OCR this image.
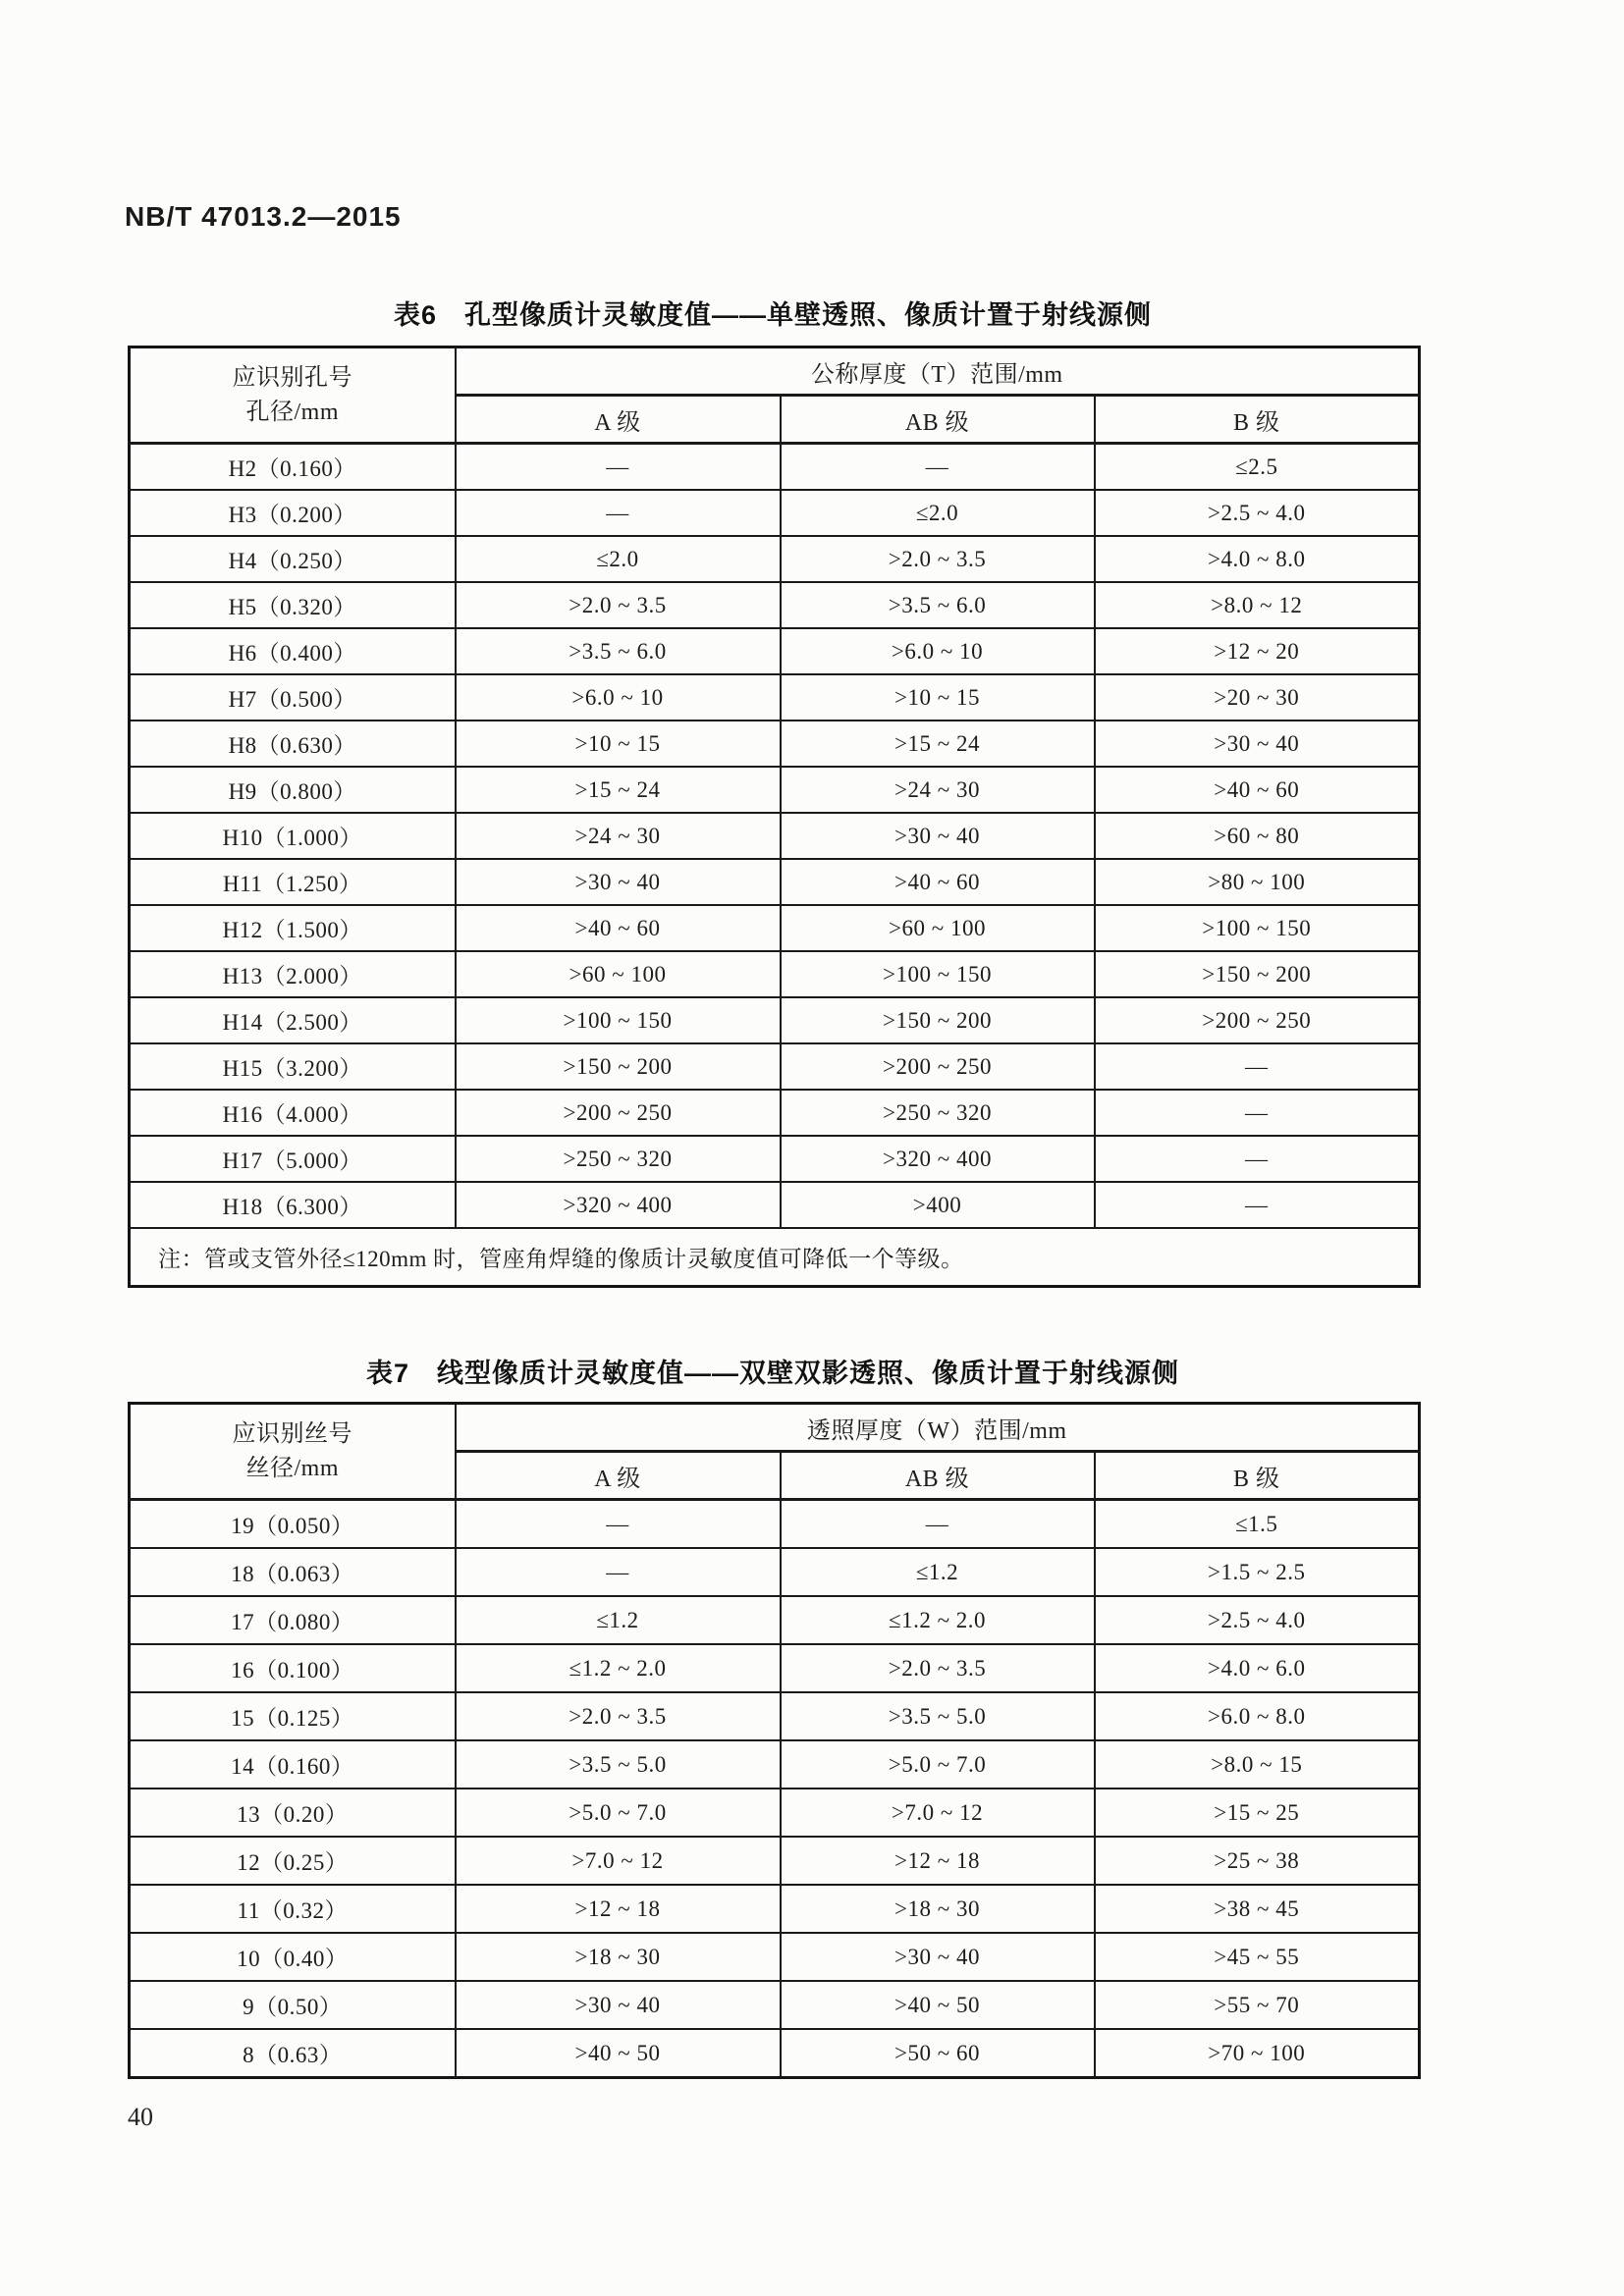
NB/T 47013.2—2015
表6　孔型像质计灵敏度值——单壁透照、像质计置于射线源侧
应识别孔号
孔径/mm	公称厚度（T）范围/mm		
	A 级	AB 级	B 级
H2（0.160）	—	—	≤2.5
H3（0.200）	—	≤2.0	>2.5 ~ 4.0
H4（0.250）	≤2.0	>2.0 ~ 3.5	>4.0 ~ 8.0
H5（0.320）	>2.0 ~ 3.5	>3.5 ~ 6.0	>8.0 ~ 12
H6（0.400）	>3.5 ~ 6.0	>6.0 ~ 10	>12 ~ 20
H7（0.500）	>6.0 ~ 10	>10 ~ 15	>20 ~ 30
H8（0.630）	>10 ~ 15	>15 ~ 24	>30 ~ 40
H9（0.800）	>15 ~ 24	>24 ~ 30	>40 ~ 60
H10（1.000）	>24 ~ 30	>30 ~ 40	>60 ~ 80
H11（1.250）	>30 ~ 40	>40 ~ 60	>80 ~ 100
H12（1.500）	>40 ~ 60	>60 ~ 100	>100 ~ 150
H13（2.000）	>60 ~ 100	>100 ~ 150	>150 ~ 200
H14（2.500）	>100 ~ 150	>150 ~ 200	>200 ~ 250
H15（3.200）	>150 ~ 200	>200 ~ 250	—
H16（4.000）	>200 ~ 250	>250 ~ 320	—
H17（5.000）	>250 ~ 320	>320 ~ 400	—
H18（6.300）	>320 ~ 400	>400	—
注：管或支管外径≤120mm 时，管座角焊缝的像质计灵敏度值可降低一个等级。			
表7　线型像质计灵敏度值——双壁双影透照、像质计置于射线源侧
应识别丝号
丝径/mm	透照厚度（W）范围/mm		
	A 级	AB 级	B 级
19（0.050）	—	—	≤1.5
18（0.063）	—	≤1.2	>1.5 ~ 2.5
17（0.080）	≤1.2	≤1.2 ~ 2.0	>2.5 ~ 4.0
16（0.100）	≤1.2 ~ 2.0	>2.0 ~ 3.5	>4.0 ~ 6.0
15（0.125）	>2.0 ~ 3.5	>3.5 ~ 5.0	>6.0 ~ 8.0
14（0.160）	>3.5 ~ 5.0	>5.0 ~ 7.0	>8.0 ~ 15
13（0.20）	>5.0 ~ 7.0	>7.0 ~ 12	>15 ~ 25
12（0.25）	>7.0 ~ 12	>12 ~ 18	>25 ~ 38
11（0.32）	>12 ~ 18	>18 ~ 30	>38 ~ 45
10（0.40）	>18 ~ 30	>30 ~ 40	>45 ~ 55
9（0.50）	>30 ~ 40	>40 ~ 50	>55 ~ 70
8（0.63）	>40 ~ 50	>50 ~ 60	>70 ~ 100
40
